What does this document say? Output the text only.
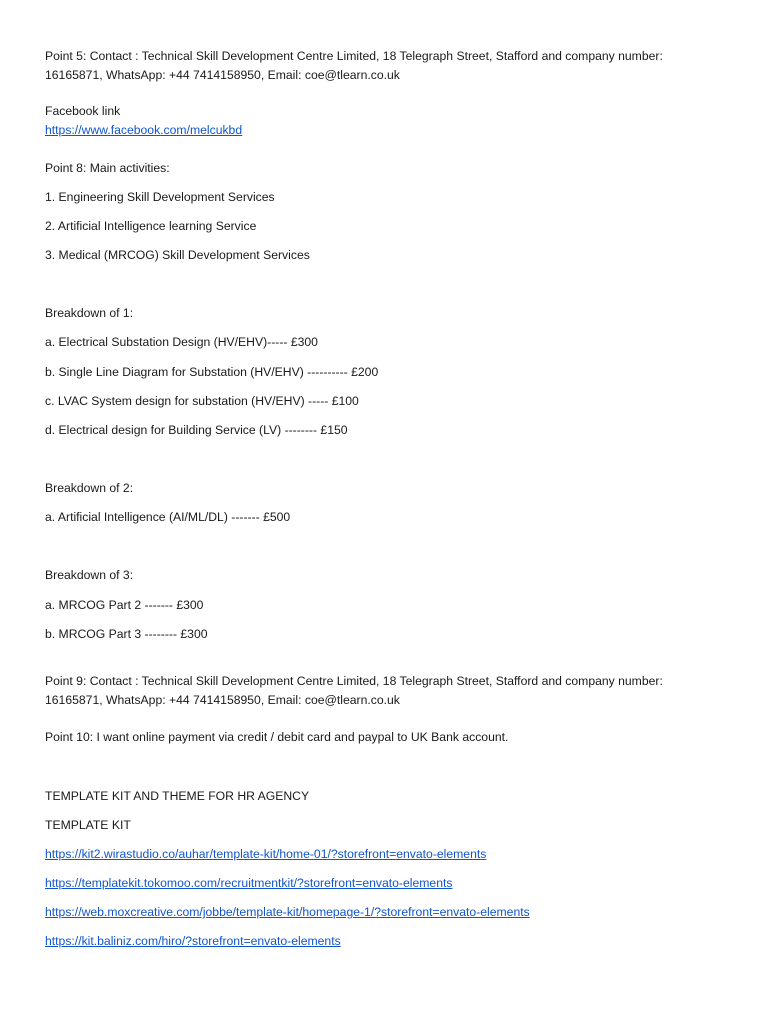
Point 5: Contact : Technical Skill Development Centre Limited, 18 Telegraph Street, Stafford and company number:
16165871, WhatsApp: +44 7414158950, Email: coe@tlearn.co.uk
Facebook link
https://www.facebook.com/melcukbd
Point 8: Main activities:
1. Engineering Skill Development Services
2. Artificial Intelligence learning Service
3. Medical (MRCOG) Skill Development Services
Breakdown of 1:
a. Electrical Substation Design (HV/EHV)----- £300
b. Single Line Diagram for Substation (HV/EHV) ---------- £200
c. LVAC System design for substation (HV/EHV) ----- £100
d. Electrical design for Building Service (LV) -------- £150
Breakdown of 2:
a. Artificial Intelligence (AI/ML/DL) ------- £500
Breakdown of 3:
a. MRCOG Part 2 ------- £300
b. MRCOG Part 3 -------- £300
Point 9: Contact : Technical Skill Development Centre Limited, 18 Telegraph Street, Stafford and company number:
16165871, WhatsApp: +44 7414158950, Email: coe@tlearn.co.uk
Point 10: I want online payment via credit / debit card and paypal to UK Bank account.
TEMPLATE KIT AND THEME FOR HR AGENCY
TEMPLATE KIT
https://kit2.wirastudio.co/auhar/template-kit/home-01/?storefront=envato-elements
https://templatekit.tokomoo.com/recruitmentkit/?storefront=envato-elements
https://web.moxcreative.com/jobbe/template-kit/homepage-1/?storefront=envato-elements
https://kit.baliniz.com/hiro/?storefront=envato-elements
